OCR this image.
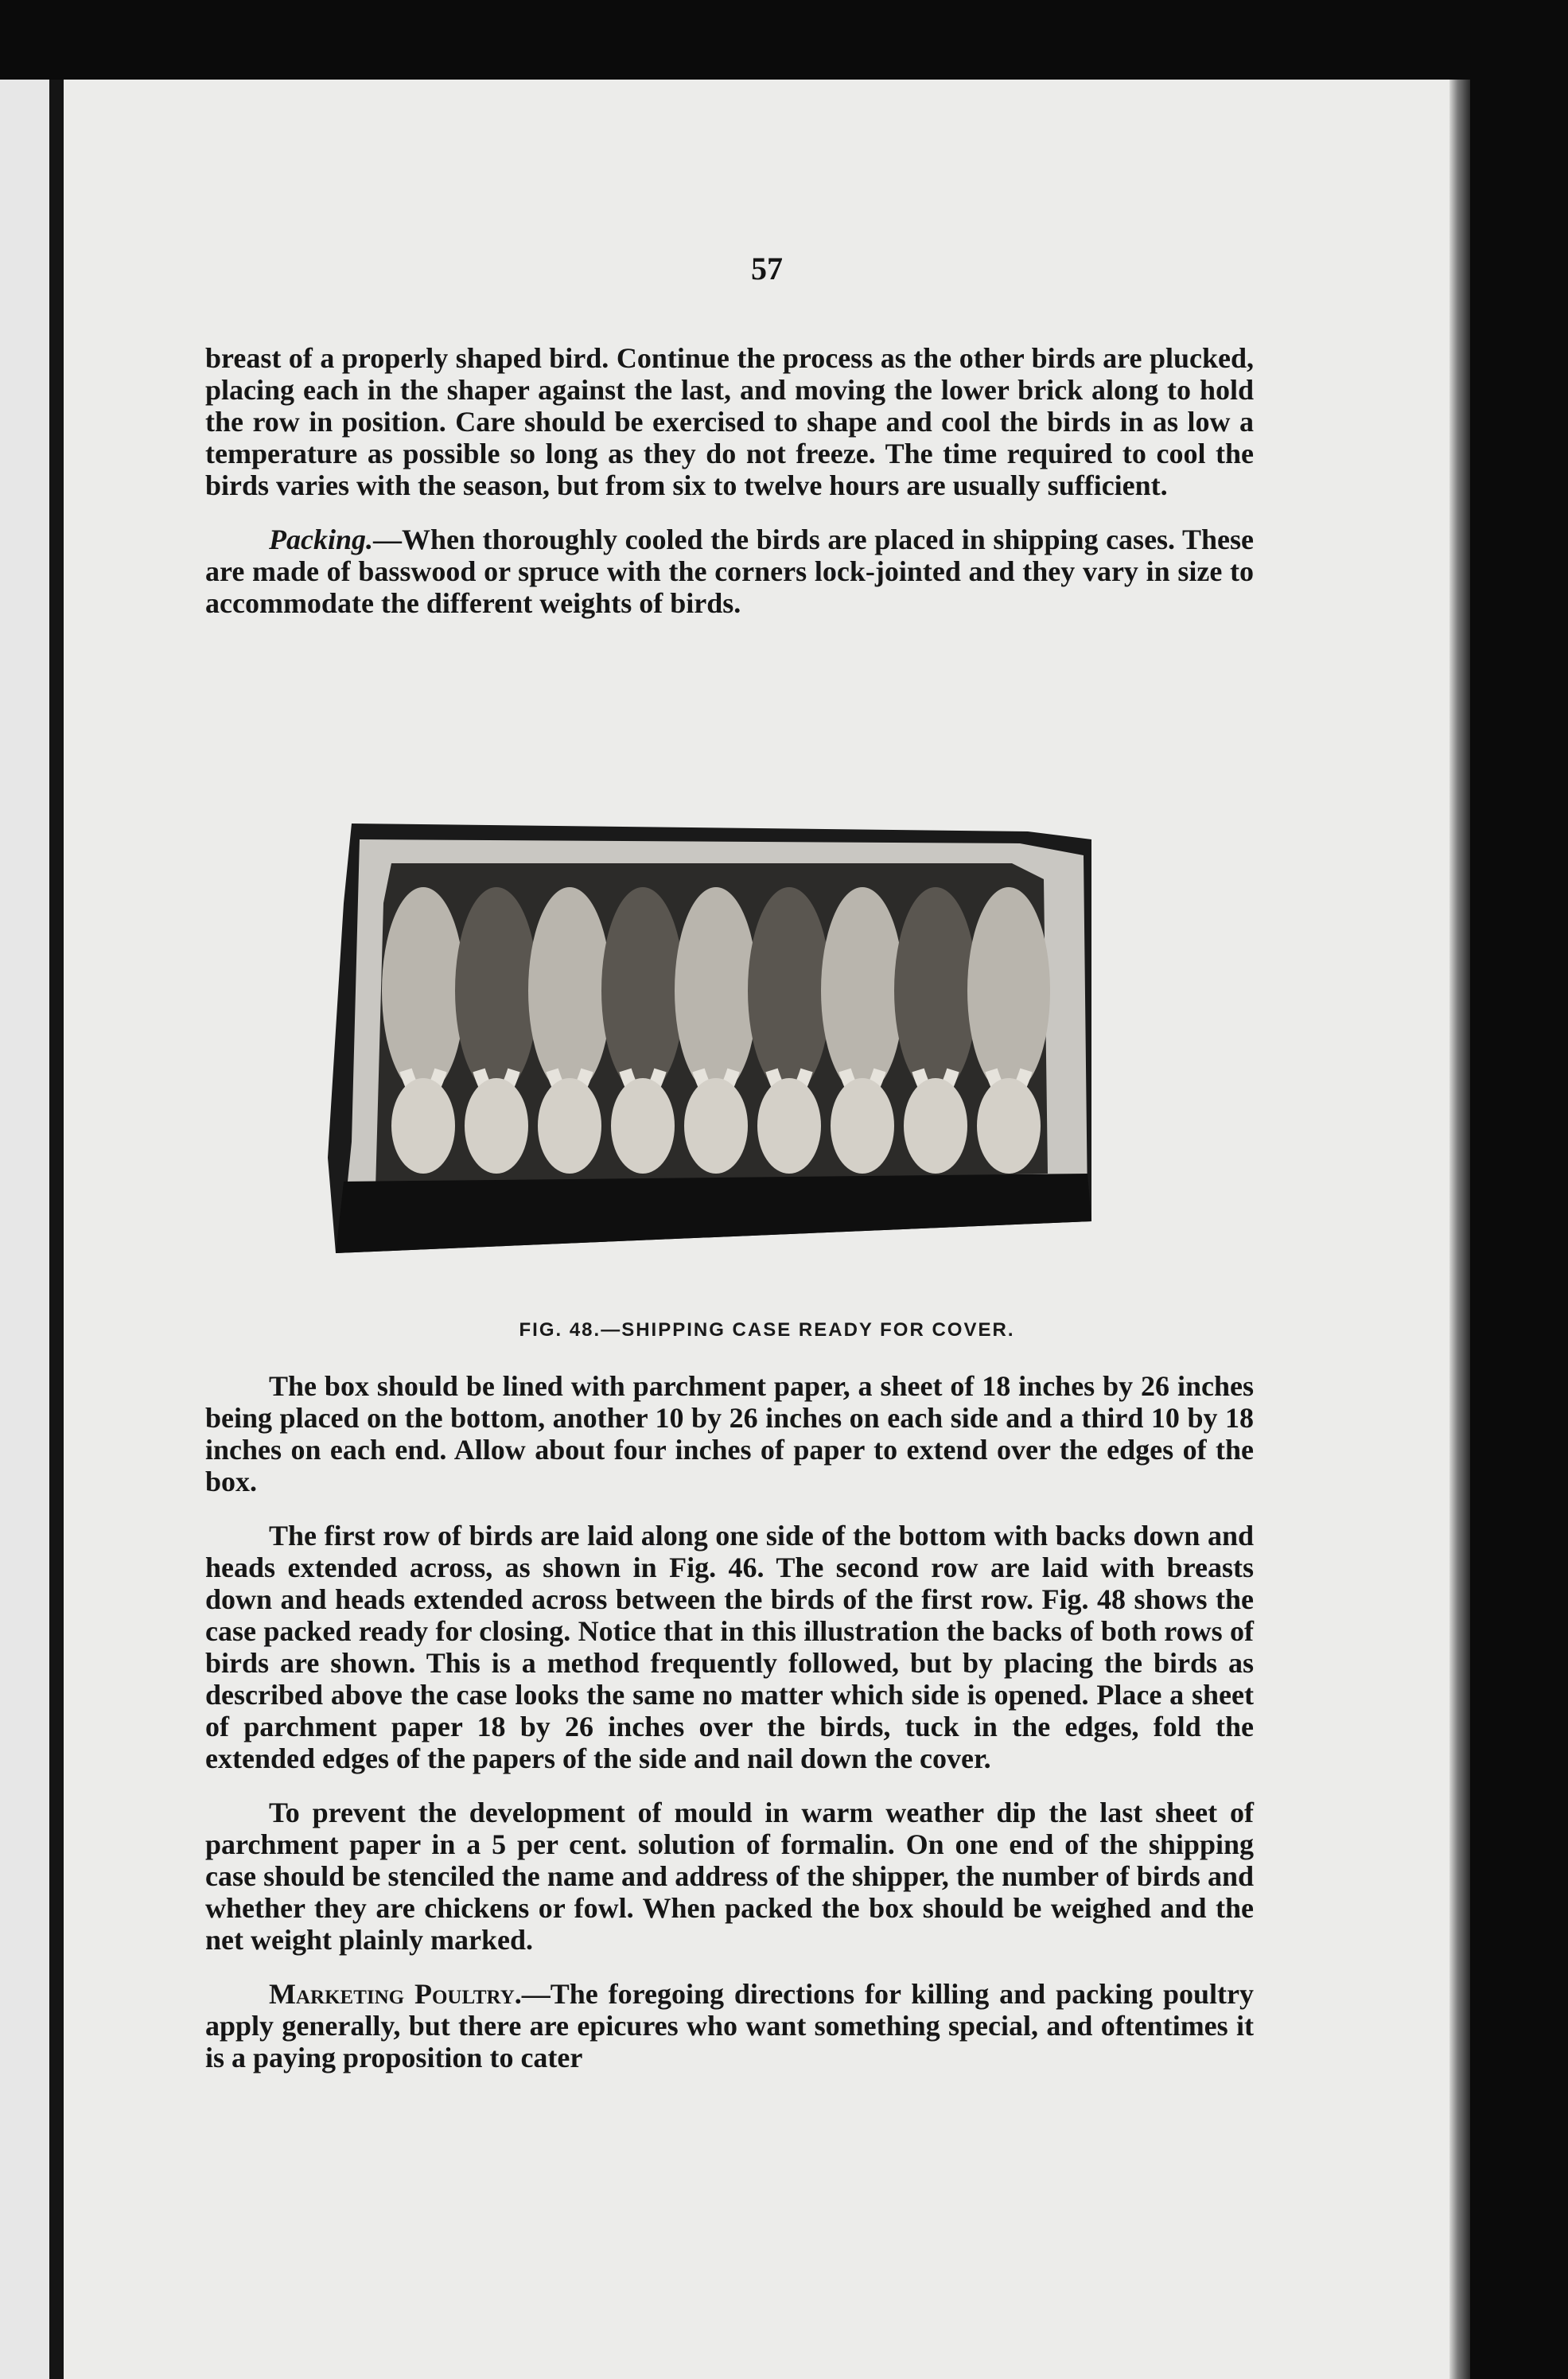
57

breast of a properly shaped bird. Continue the process as the other birds are plucked, placing each in the shaper against the last, and moving the lower brick along to hold the row in position. Care should be exercised to shape and cool the birds in as low a temperature as possible so long as they do not freeze. The time required to cool the birds varies with the season, but from six to twelve hours are usually sufficient.

Packing.—When thoroughly cooled the birds are placed in shipping cases. These are made of basswood or spruce with the corners lock-jointed and they vary in size to accommodate the different weights of birds.

FIG. 48.—SHIPPING CASE READY FOR COVER.

The box should be lined with parchment paper, a sheet of 18 inches by 26 inches being placed on the bottom, another 10 by 26 inches on each side and a third 10 by 18 inches on each end. Allow about four inches of paper to extend over the edges of the box.

The first row of birds are laid along one side of the bottom with backs down and heads extended across, as shown in Fig. 46. The second row are laid with breasts down and heads extended across between the birds of the first row. Fig. 48 shows the case packed ready for closing. Notice that in this illustration the backs of both rows of birds are shown. This is a method frequently followed, but by placing the birds as described above the case looks the same no matter which side is opened. Place a sheet of parchment paper 18 by 26 inches over the birds, tuck in the edges, fold the extended edges of the papers of the side and nail down the cover.

To prevent the development of mould in warm weather dip the last sheet of parchment paper in a 5 per cent. solution of formalin. On one end of the shipping case should be stenciled the name and address of the shipper, the number of birds and whether they are chickens or fowl. When packed the box should be weighed and the net weight plainly marked.

Marketing Poultry.—The foregoing directions for killing and packing poultry apply generally, but there are epicures who want something special, and oftentimes it is a paying proposition to cater
